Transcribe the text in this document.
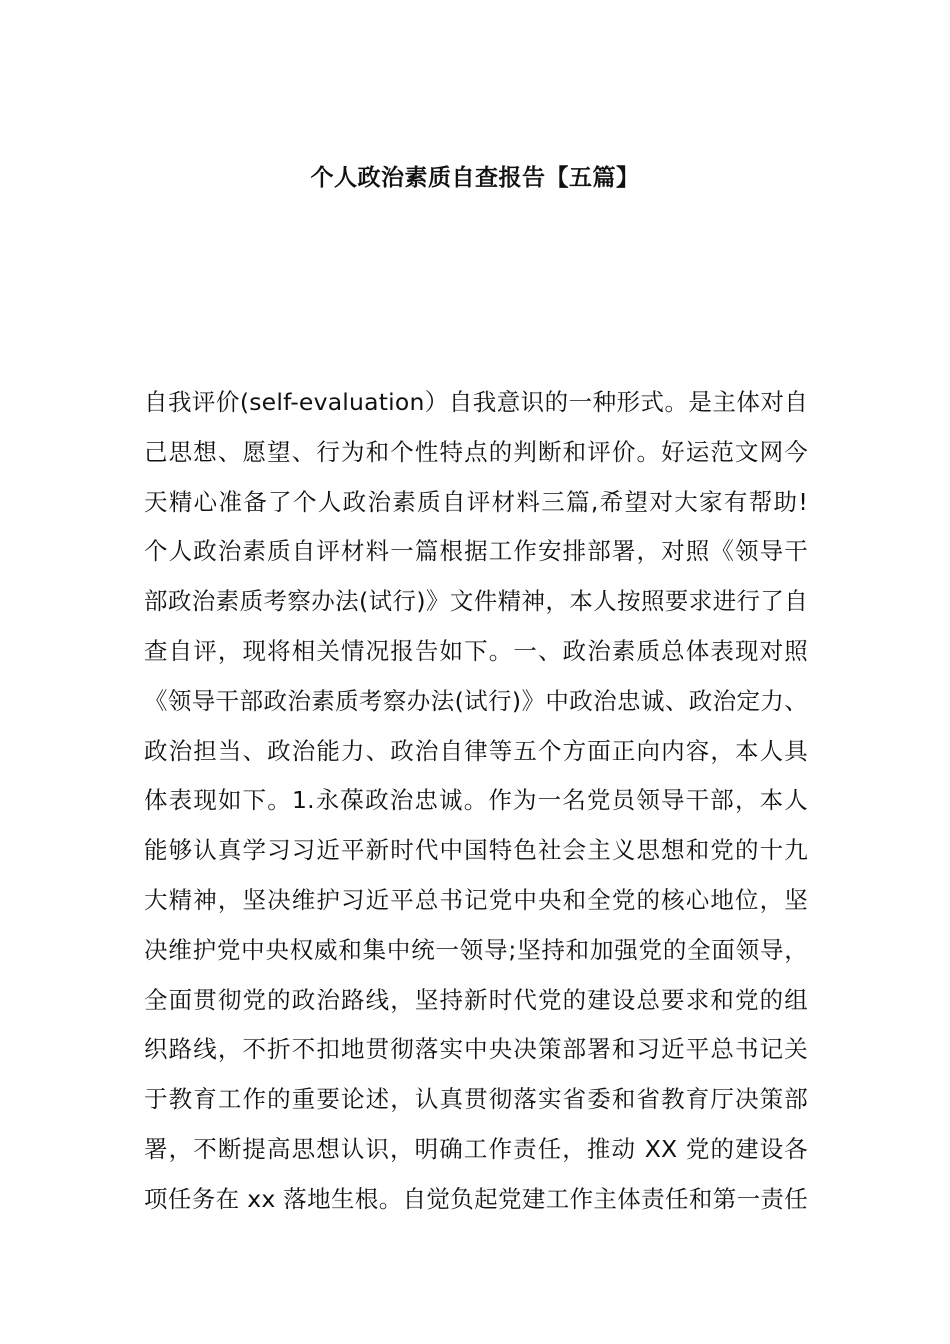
个人政治素质自查报告【五篇】
自我评价(self-evaluation）自我意识的一种形式。是主体对自
己思想、愿望、行为和个性特点的判断和评价。好运范文网今
天精心准备了个人政治素质自评材料三篇,希望对大家有帮助!
个人政治素质自评材料一篇根据工作安排部署，对照《领导干
部政治素质考察办法(试行)》文件精神，本人按照要求进行了自
查自评，现将相关情况报告如下。一、政治素质总体表现对照
《领导干部政治素质考察办法(试行)》中政治忠诚、政治定力、
政治担当、政治能力、政治自律等五个方面正向内容，本人具
体表现如下。1.永葆政治忠诚。作为一名党员领导干部，本人
能够认真学习习近平新时代中国特色社会主义思想和党的十九
大精神，坚决维护习近平总书记党中央和全党的核心地位，坚
决维护党中央权威和集中统一领导;坚持和加强党的全面领导，
全面贯彻党的政治路线，坚持新时代党的建设总要求和党的组
织路线，不折不扣地贯彻落实中央决策部署和习近平总书记关
于教育工作的重要论述，认真贯彻落实省委和省教育厅决策部
署，不断提高思想认识，明确工作责任，推动 XX 党的建设各
项任务在 xx 落地生根。自觉负起党建工作主体责任和第一责任
